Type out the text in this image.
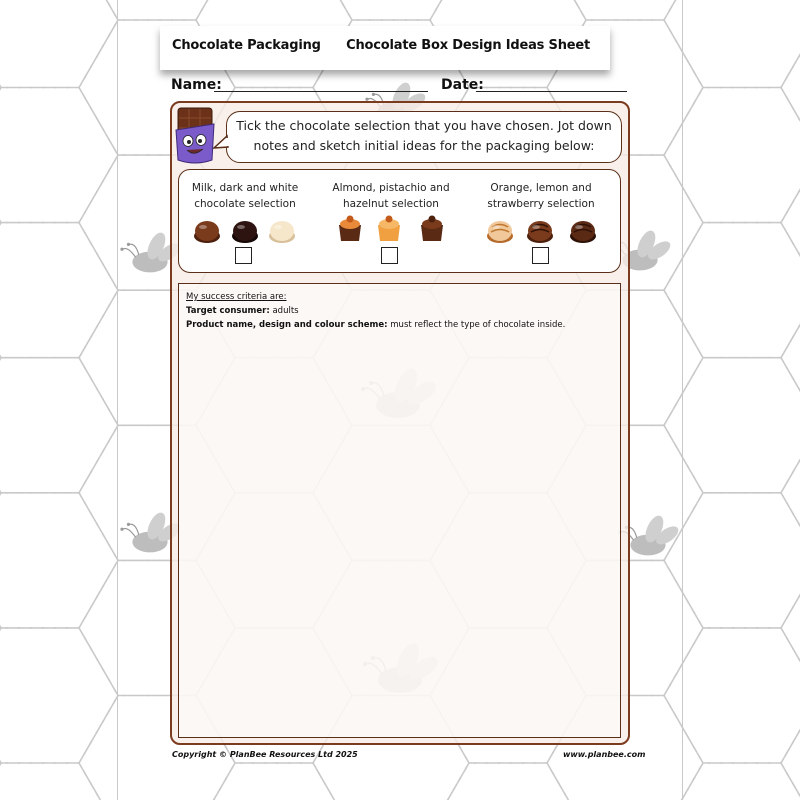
Chocolate Packaging Chocolate Box Design Ideas Sheet
Name:	Date:
Tick the chocolate selection that you have chosen. Jot down
notes and sketch initial ideas for the packaging below:
Milk, dark and white
chocolate selection
Almond, pistachio and
hazelnut selection
Orange, lemon and
strawberry selection
My success criteria are:
Target consumer: adults
Product name, design and colour scheme: must reflect the type of chocolate inside.
Copyright © PlanBee Resources Ltd 2025	www.planbee.com
